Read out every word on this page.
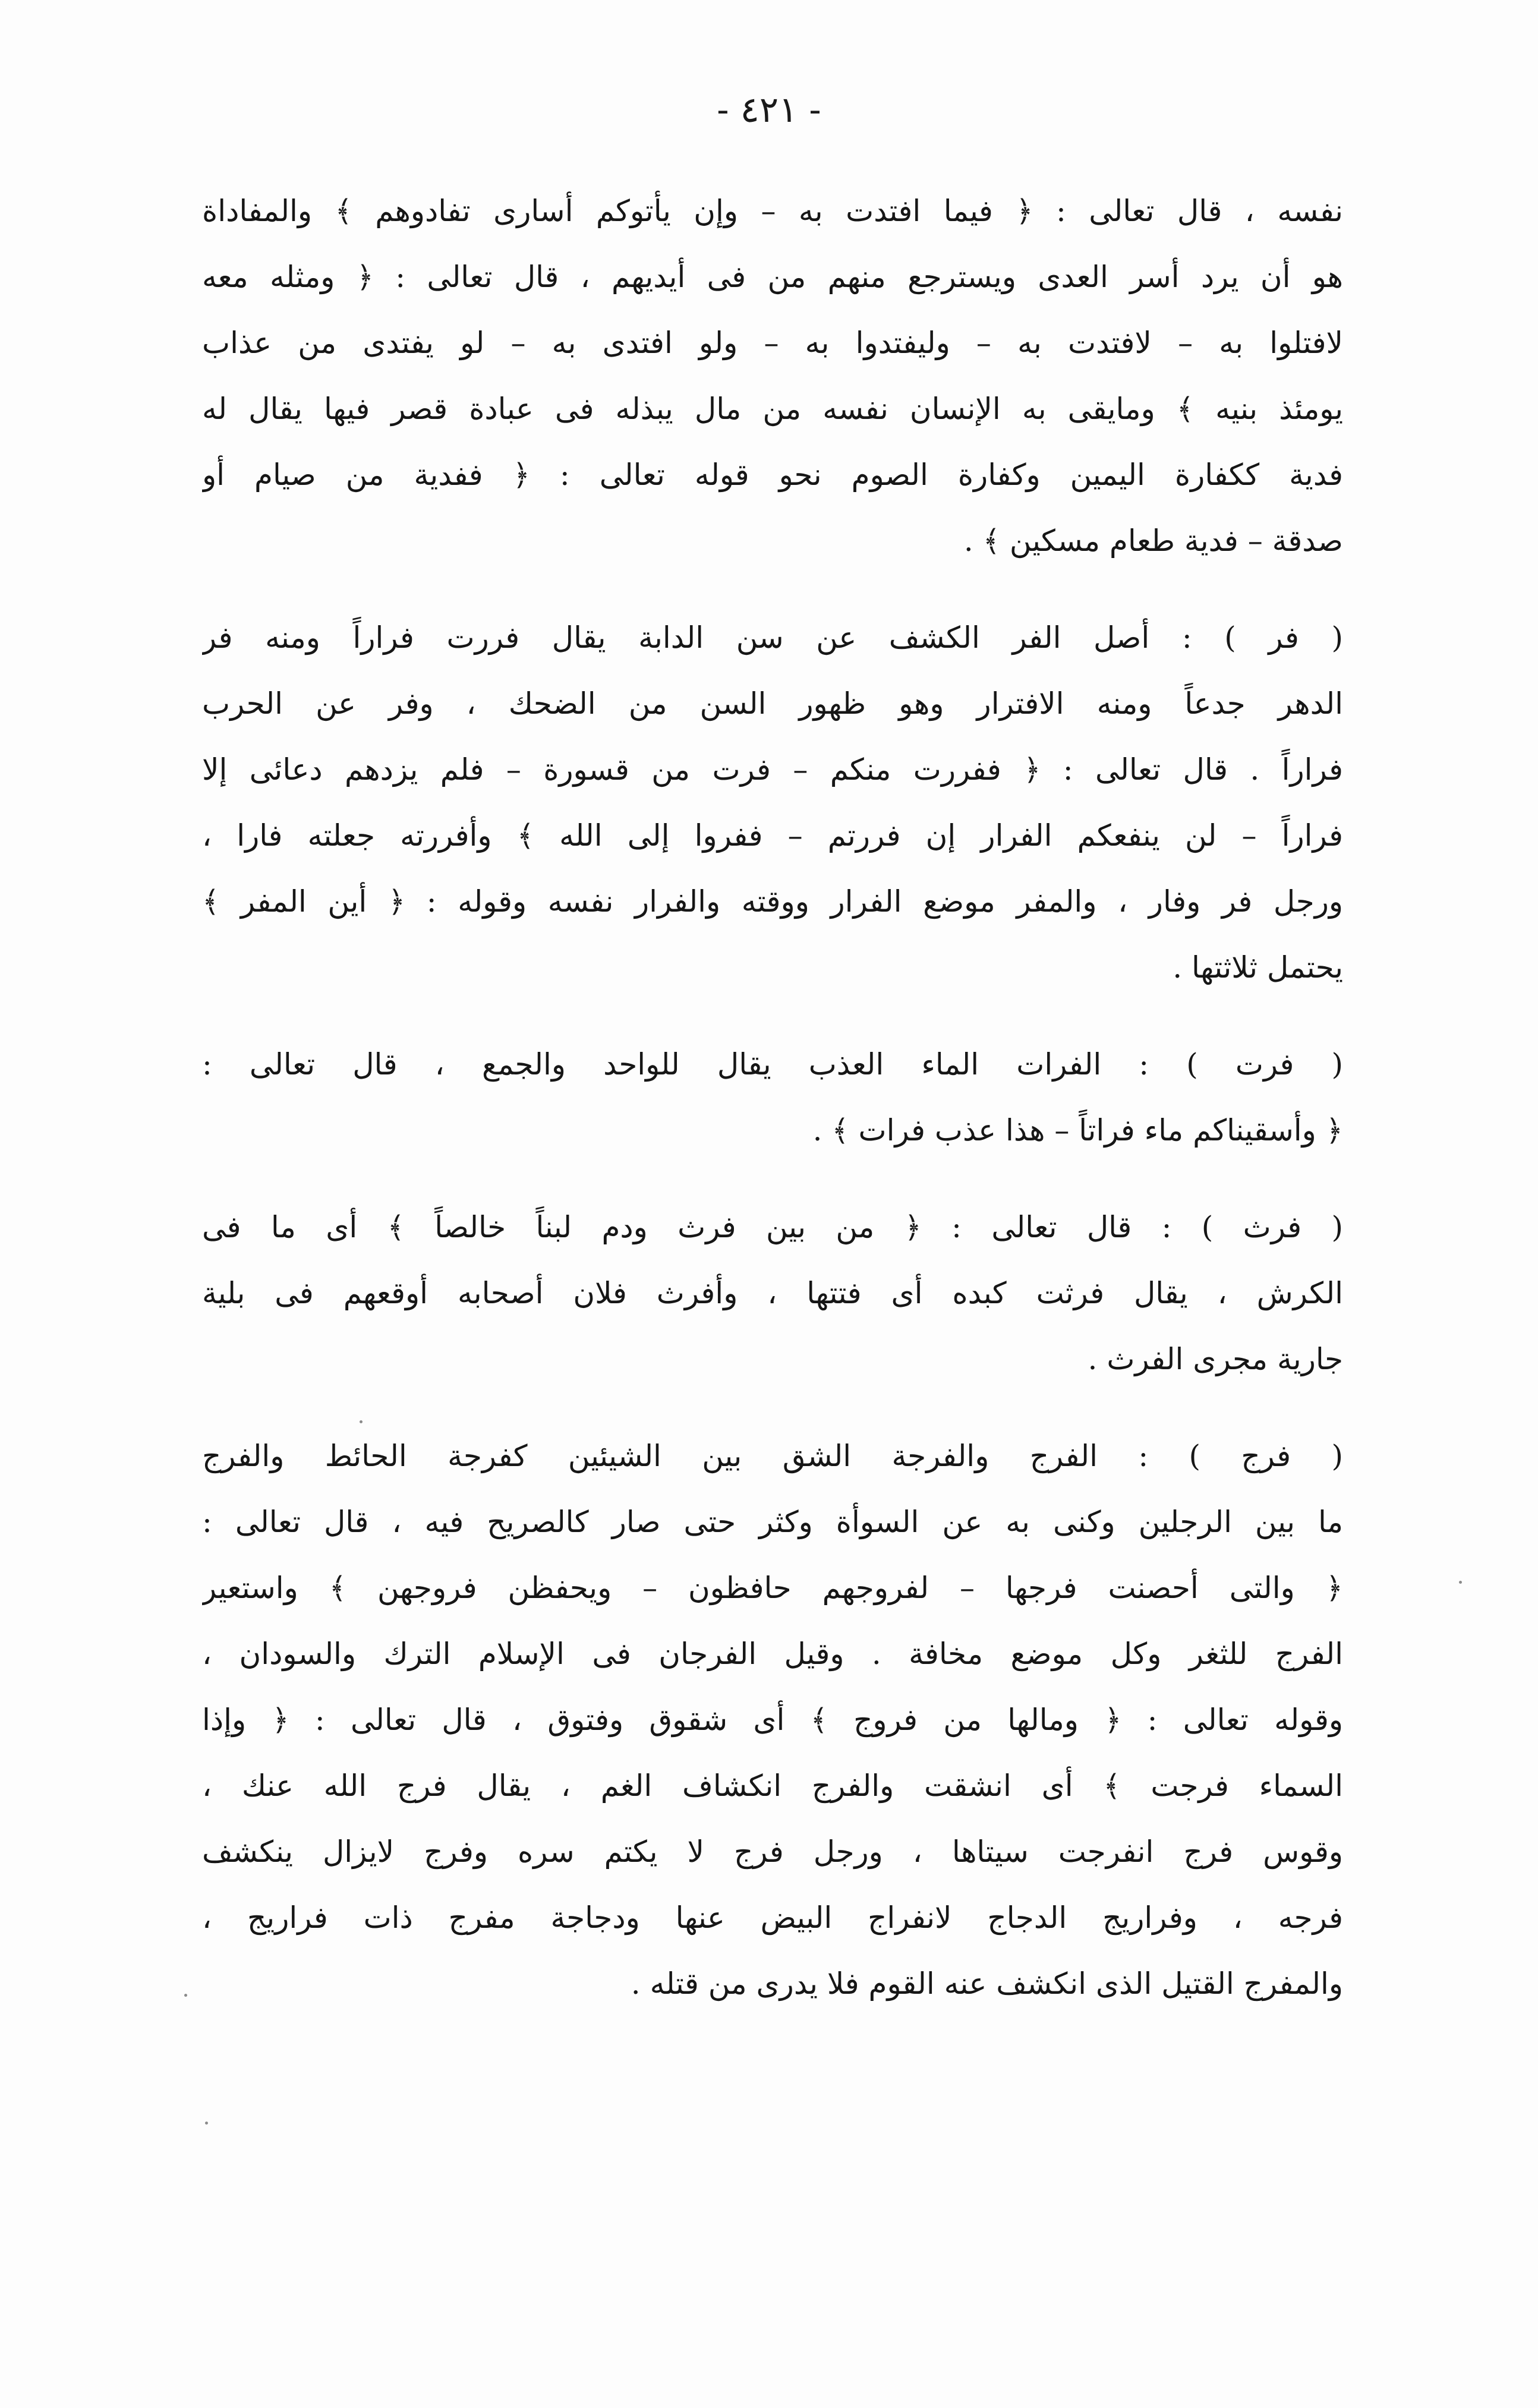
- ٤٢١ -

نفسه ، قال تعالى : ﴿ فيما افتدت به – وإن يأتوكم أسارى تفادوهم ﴾ والمفاداة
هو أن يرد أسر العدى ويسترجع منهم من فى أيديهم ، قال تعالى : ﴿ ومثله معه
لافتلوا به – لافتدت به – وليفتدوا به – ولو افتدى به – لو يفتدى من عذاب
يومئذ بنيه ﴾ ومايقى به الإنسان نفسه من مال يبذله فى عبادة قصر فيها يقال له
فدية ككفارة اليمين وكفارة الصوم نحو قوله تعالى : ﴿ ففدية من صيام أو
صدقة – فدية طعام مسكين ﴾ .

( فر ) : أصل الفر الكشف عن سن الدابة يقال فررت فراراً ومنه فر
الدهر جدعاً ومنه الافترار وهو ظهور السن من الضحك ، وفر عن الحرب
فراراً . قال تعالى : ﴿ ففررت منكم – فرت من قسورة – فلم يزدهم دعائى إلا
فراراً – لن ينفعكم الفرار إن فررتم – ففروا إلى الله ﴾ وأفررته جعلته فارا ،
ورجل فر وفار ، والمفر موضع الفرار ووقته والفرار نفسه وقوله : ﴿ أين المفر ﴾
يحتمل ثلاثتها .

( فرت ) : الفرات الماء العذب يقال للواحد والجمع ، قال تعالى :
﴿ وأسقيناكم ماء فراتاً – هذا عذب فرات ﴾ .

( فرث ) : قال تعالى : ﴿ من بين فرث ودم لبناً خالصاً ﴾ أى ما فى
الكرش ، يقال فرثت كبده أى فتتها ، وأفرث فلان أصحابه أوقعهم فى بلية
جارية مجرى الفرث .

( فرج ) : الفرج والفرجة الشق بين الشيئين كفرجة الحائط والفرج
ما بين الرجلين وكنى به عن السوأة وكثر حتى صار كالصريح فيه ، قال تعالى :
﴿ والتى أحصنت فرجها – لفروجهم حافظون – ويحفظن فروجهن ﴾ واستعير
الفرج للثغر وكل موضع مخافة . وقيل الفرجان فى الإسلام الترك والسودان ،
وقوله تعالى : ﴿ ومالها من فروج ﴾ أى شقوق وفتوق ، قال تعالى : ﴿ وإذا
السماء فرجت ﴾ أى انشقت والفرج انكشاف الغم ، يقال فرج الله عنك ،
وقوس فرج انفرجت سيتاها ، ورجل فرج لا يكتم سره وفرج لايزال ينكشف
فرجه ، وفراريج الدجاج لانفراج البيض عنها ودجاجة مفرج ذات فراريج ،
والمفرج القتيل الذى انكشف عنه القوم فلا يدرى من قتله .
